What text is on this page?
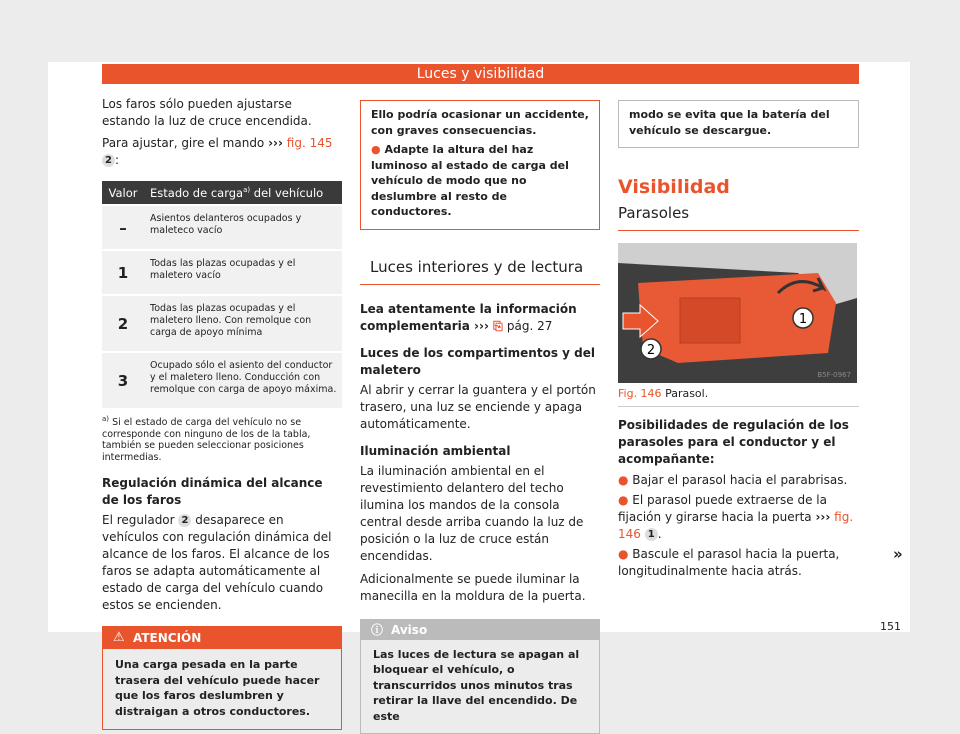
Luces y visibilidad

Los faros sólo pueden ajustarse estando la luz de cruce encendida.

Para ajustar, gire el mando ››› fig. 145 2 :

Valor	Estado de carga$^{a)}$ del vehículo
–	Asientos delanteros ocupados y maleteco vacío
1	Todas las plazas ocupadas y el maletero vacío
2	Todas las plazas ocupadas y el maletero lleno. Con remolque con carga de apoyo mínima
3	Ocupado sólo el asiento del conductor y el maletero lleno. Conducción con remolque con carga de apoyo máxima.

$^{a)}$ Si el estado de carga del vehículo no se corresponde con ninguno de los de la tabla, también se pueden seleccionar posiciones intermedias.

Regulación dinámica del alcance de los faros

El regulador 2 desaparece en vehículos con regulación dinámica del alcance de los faros. El alcance de los faros se adapta automáticamente al estado de carga del vehículo cuando estos se encienden.

⚠ ATENCIÓN
Una carga pesada en la parte trasera del vehículo puede hacer que los faros deslumbren y distraigan a otros conductores.

Ello podría ocasionar un accidente, con graves consecuencias.

● Adapte la altura del haz luminoso al estado de carga del vehículo de modo que no deslumbre al resto de conductores.

Luces interiores y de lectura

Lea atentamente la información complementaria ››› ⎘ pág. 27

Luces de los compartimentos y del maletero

Al abrir y cerrar la guantera y el portón trasero, una luz se enciende y apaga automáticamente.

Iluminación ambiental

La iluminación ambiental en el revestimiento delantero del techo ilumina los mandos de la consola central desde arriba cuando la luz de posición o la luz de cruce están encendidas.

Adicionalmente se puede iluminar la manecilla en la moldura de la puerta.

ⓘ Aviso
Las luces de lectura se apagan al bloquear el vehículo, o transcurridos unos minutos tras retirar la llave del encendido. De este
modo se evita que la batería del vehículo se descargue.

Visibilidad

Parasoles

1
2
B5F-0967

Fig. 146 Parasol.

Posibilidades de regulación de los parasoles para el conductor y el acompañante:

● Bajar el parasol hacia el parabrisas.

● El parasol puede extraerse de la fijación y girarse hacia la puerta ››› fig. 146 1 .

● Bascule el parasol hacia la puerta, longitudinalmente hacia atrás.

»
151
